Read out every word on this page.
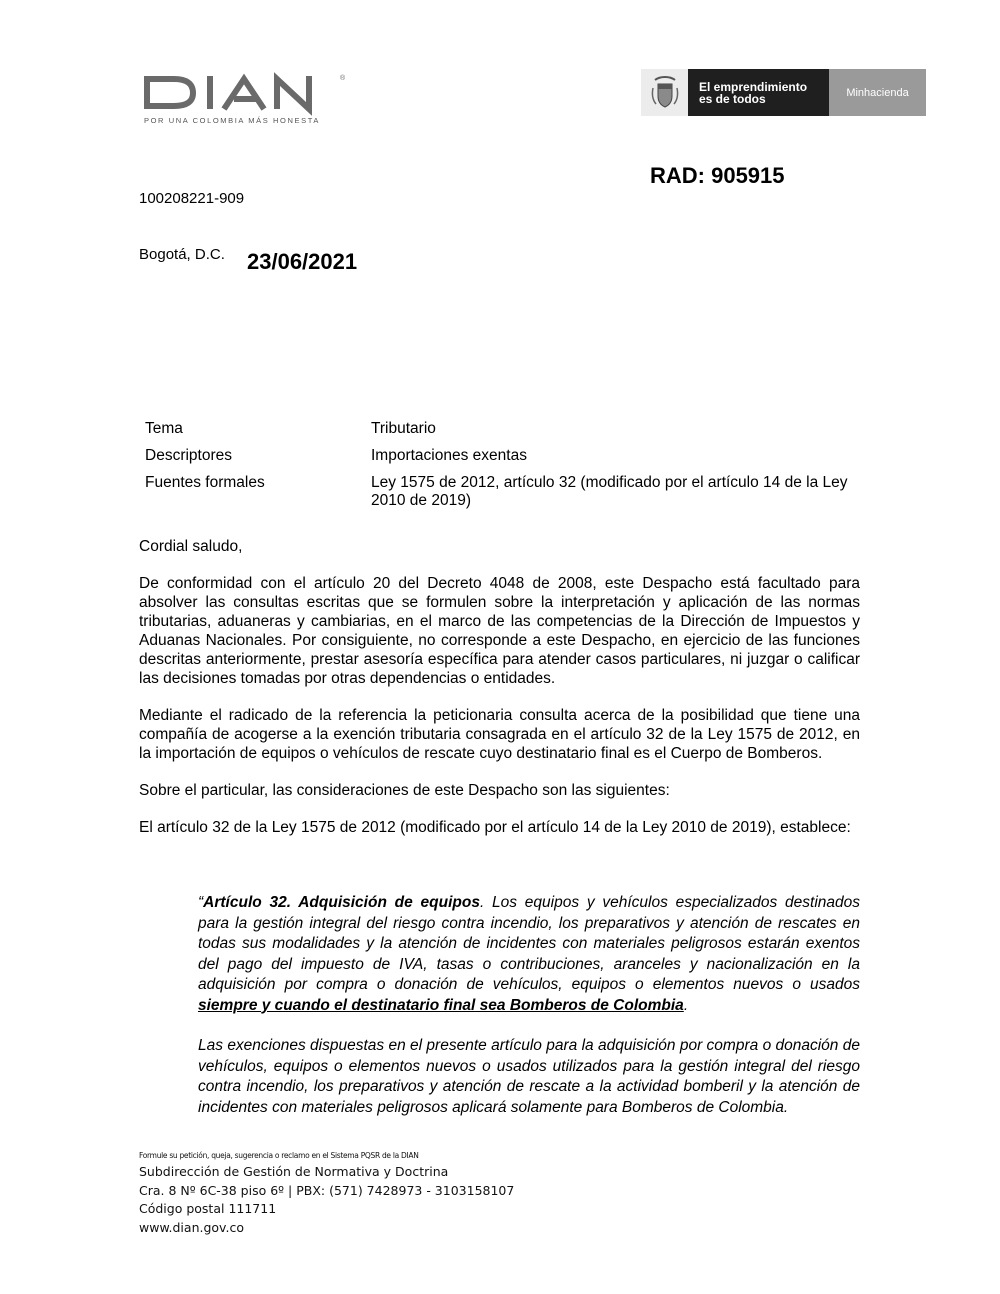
®
POR UNA COLOMBIA MÁS HONESTA
El emprendimiento
es de todos	Minhacienda
RAD: 905915
100208221-909
Bogotá, D.C. 23/06/2021
Tema	Tributario
Descriptores	Importaciones exentas
Fuentes formales	Ley 1575 de 2012, artículo 32 (modificado por el artículo 14 de la Ley 2010 de 2019)

Cordial saludo,

De conformidad con el artículo 20 del Decreto 4048 de 2008, este Despacho está facultado para absolver las consultas escritas que se formulen sobre la interpretación y aplicación de las normas tributarias, aduaneras y cambiarias, en el marco de las competencias de la Dirección de Impuestos y Aduanas Nacionales. Por consiguiente, no corresponde a este Despacho, en ejercicio de las funciones descritas anteriormente, prestar asesoría específica para atender casos particulares, ni juzgar o calificar las decisiones tomadas por otras dependencias o entidades.

Mediante el radicado de la referencia la peticionaria consulta acerca de la posibilidad que tiene una compañía de acogerse a la exención tributaria consagrada en el artículo 32 de la Ley 1575 de 2012, en la importación de equipos o vehículos de rescate cuyo destinatario final es el Cuerpo de Bomberos.

Sobre el particular, las consideraciones de este Despacho son las siguientes:

El artículo 32 de la Ley 1575 de 2012 (modificado por el artículo 14 de la Ley 2010 de 2019), establece:

“Artículo 32. Adquisición de equipos. Los equipos y vehículos especializados destinados para la gestión integral del riesgo contra incendio, los preparativos y atención de rescates en todas sus modalidades y la atención de incidentes con materiales peligrosos estarán exentos del pago del impuesto de IVA, tasas o contribuciones, aranceles y nacionalización en la adquisición por compra o donación de vehículos, equipos o elementos nuevos o usados siempre y cuando el destinatario final sea Bomberos de Colombia.

Las exenciones dispuestas en el presente artículo para la adquisición por compra o donación de vehículos, equipos o elementos nuevos o usados utilizados para la gestión integral del riesgo contra incendio, los preparativos y atención de rescate a la actividad bomberil y la atención de incidentes con materiales peligrosos aplicará solamente para Bomberos de Colombia.

Formule su petición, queja, sugerencia o reclamo en el Sistema PQSR de la DIAN
Subdirección de Gestión de Normativa y Doctrina
Cra. 8 Nº 6C-38 piso 6º | PBX: (571) 7428973 - 3103158107
Código postal 111711
www.dian.gov.co
